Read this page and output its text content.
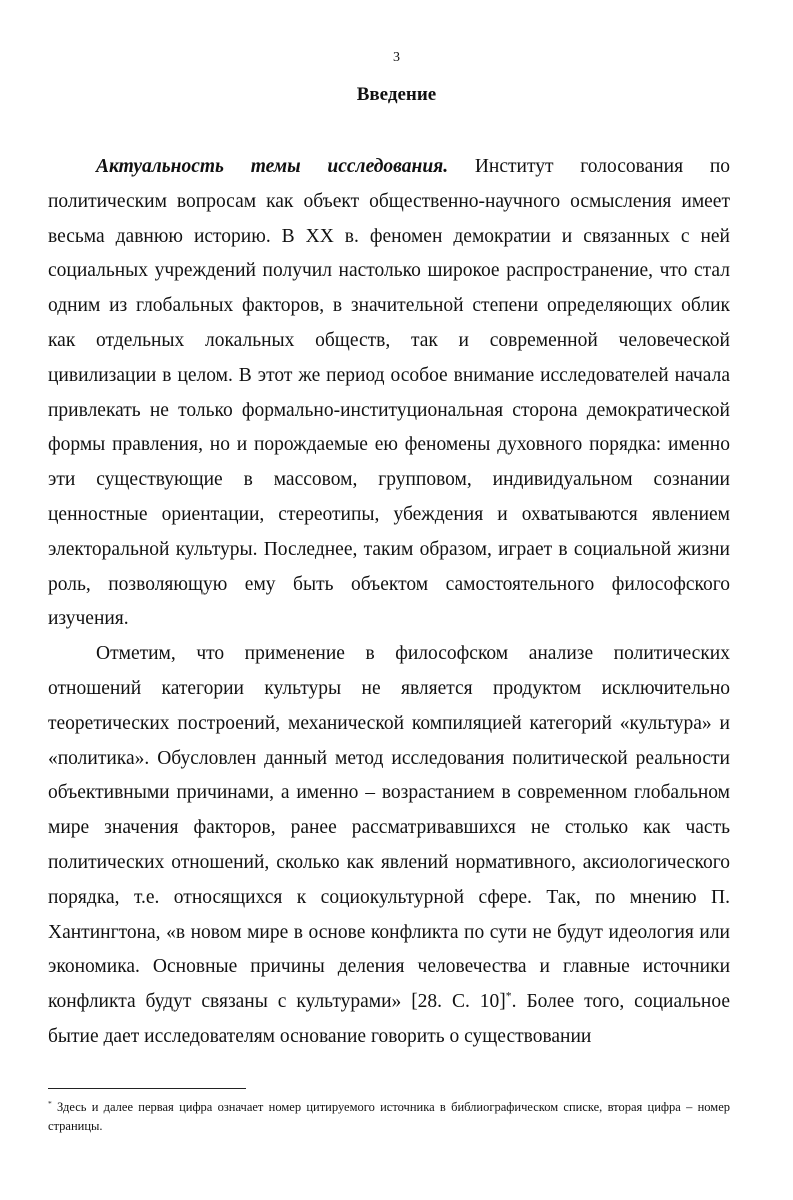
3
Введение

Актуальность темы исследования. Институт голосования по политическим вопросам как объект общественно-научного осмысления имеет весьма давнюю историю. В XX в. феномен демократии и связанных с ней социальных учреждений получил настолько широкое распространение, что стал одним из глобальных факторов, в значительной степени определяющих облик как отдельных локальных обществ, так и современной человеческой цивилизации в целом. В этот же период особое внимание исследователей начала привлекать не только формально-институциональная сторона демократической формы правления, но и порождаемые ею феномены духовного порядка: именно эти существующие в массовом, групповом, индивидуальном сознании ценностные ориентации, стереотипы, убеждения и охватываются явлением электоральной культуры. Последнее, таким образом, играет в социальной жизни роль, позволяющую ему быть объектом самостоятельного философского изучения.

Отметим, что применение в философском анализе политических отношений категории культуры не является продуктом исключительно теоретических построений, механической компиляцией категорий «культура» и «политика». Обусловлен данный метод исследования политической реальности объективными причинами, а именно – возрастанием в современном глобальном мире значения факторов, ранее рассматривавшихся не столько как часть политических отношений, сколько как явлений нормативного, аксиологического порядка, т.е. относящихся к социокультурной сфере. Так, по мнению П. Хантингтона, «в новом мире в основе конфликта по сути не будут идеология или экономика. Основные причины деления человечества и главные источники конфликта будут связаны с культурами» [28. С. 10]*. Более того, социальное бытие дает исследователям основание говорить о существовании

* Здесь и далее первая цифра означает номер цитируемого источника в библиографическом списке, вторая цифра – номер страницы.
